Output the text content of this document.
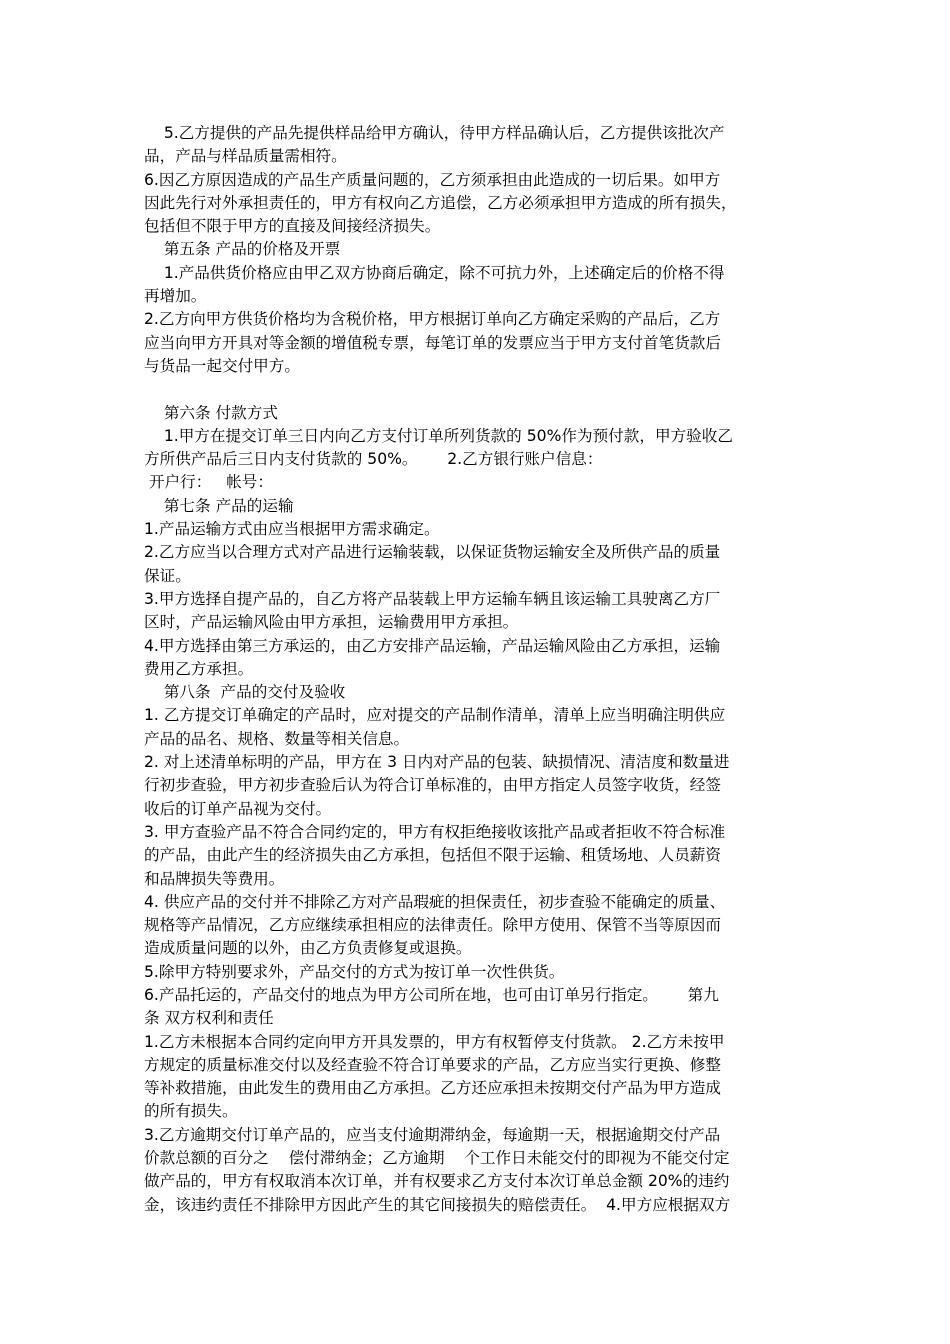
5.乙方提供的产品先提供样品给甲方确认，待甲方样品确认后，乙方提供该批次产
品，产品与样品质量需相符。
6.因乙方原因造成的产品生产质量问题的，乙方须承担由此造成的一切后果。如甲方
因此先行对外承担责任的，甲方有权向乙方追偿，乙方必须承担甲方造成的所有损失，
包括但不限于甲方的直接及间接经济损失。
第五条 产品的价格及开票
1.产品供货价格应由甲乙双方协商后确定，除不可抗力外，上述确定后的价格不得
再增加。
2.乙方向甲方供货价格均为含税价格，甲方根据订单向乙方确定采购的产品后，乙方
应当向甲方开具对等金额的增值税专票，每笔订单的发票应当于甲方支付首笔货款后
与货品一起交付甲方。
第六条 付款方式
1.甲方在提交订单三日内向乙方支付订单所列货款的 50%作为预付款，甲方验收乙
方所供产品后三日内支付货款的 50%。      2.乙方银行账户信息：
开户行：   帐号：
第七条 产品的运输
1.产品运输方式由应当根据甲方需求确定。
2.乙方应当以合理方式对产品进行运输装载，以保证货物运输安全及所供产品的质量
保证。
3.甲方选择自提产品的，自乙方将产品装载上甲方运输车辆且该运输工具驶离乙方厂
区时，产品运输风险由甲方承担，运输费用甲方承担。
4.甲方选择由第三方承运的，由乙方安排产品运输，产品运输风险由乙方承担，运输
费用乙方承担。
第八条  产品的交付及验收
1. 乙方提交订单确定的产品时，应对提交的产品制作清单，清单上应当明确注明供应
产品的品名、规格、数量等相关信息。
2. 对上述清单标明的产品，甲方在 3 日内对产品的包装、缺损情况、清洁度和数量进
行初步查验，甲方初步查验后认为符合订单标准的，由甲方指定人员签字收货，经签
收后的订单产品视为交付。
3. 甲方查验产品不符合合同约定的，甲方有权拒绝接收该批产品或者拒收不符合标准
的产品，由此产生的经济损失由乙方承担，包括但不限于运输、租赁场地、人员薪资
和品牌损失等费用。
4. 供应产品的交付并不排除乙方对产品瑕疵的担保责任，初步查验不能确定的质量、
规格等产品情况，乙方应继续承担相应的法律责任。除甲方使用、保管不当等原因而
造成质量问题的以外，由乙方负责修复或退换。
5.除甲方特别要求外，产品交付的方式为按订单一次性供货。
6.产品托运的，产品交付的地点为甲方公司所在地，也可由订单另行指定。      第九
条 双方权利和责任
1.乙方未根据本合同约定向甲方开具发票的，甲方有权暂停支付货款。 2.乙方未按甲
方规定的质量标准交付以及经查验不符合订单要求的产品，乙方应当实行更换、修整
等补救措施，由此发生的费用由乙方承担。乙方还应承担未按期交付产品为甲方造成
的所有损失。
3.乙方逾期交付订单产品的，应当支付逾期滞纳金，每逾期一天，根据逾期交付产品
价款总额的百分之    偿付滞纳金；乙方逾期    个工作日未能交付的即视为不能交付定
做产品的，甲方有权取消本次订单，并有权要求乙方支付本次订单总金额 20%的违约
金，该违约责任不排除甲方因此产生的其它间接损失的赔偿责任。  4.甲方应根据双方
